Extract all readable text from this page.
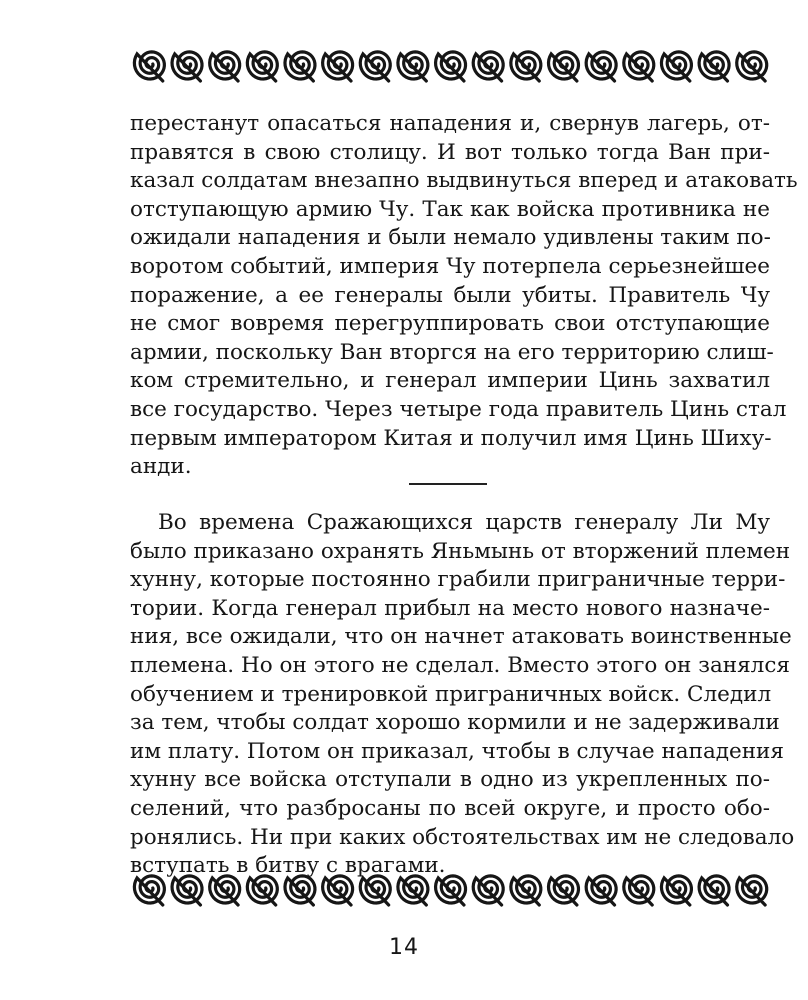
перестанут опасаться нападения и, свернув лагерь, от-
правятся в свою столицу. И вот только тогда Ван при-
казал солдатам внезапно выдвинуться вперед и атаковать
отступающую армию Чу. Так как войска противника не
ожидали нападения и были немало удивлены таким по-
воротом событий, империя Чу потерпела серьезнейшее
поражение, а ее генералы были убиты. Правитель Чу
не смог вовремя перегруппировать свои отступающие
армии, поскольку Ван вторгся на его территорию слиш-
ком стремительно, и генерал империи Цинь захватил
все государство. Через четыре года правитель Цинь стал
первым императором Китая и получил имя Цинь Шиху-
анди.
Во времена Сражающихся царств генералу Ли Му
было приказано охранять Яньмынь от вторжений племен
хунну, которые постоянно грабили приграничные терри-
тории. Когда генерал прибыл на место нового назначе-
ния, все ожидали, что он начнет атаковать воинственные
племена. Но он этого не сделал. Вместо этого он занялся
обучением и тренировкой приграничных войск. Следил
за тем, чтобы солдат хорошо кормили и не задерживали
им плату. Потом он приказал, чтобы в случае нападения
хунну все войска отступали в одно из укрепленных по-
селений, что разбросаны по всей округе, и просто обо-
ронялись. Ни при каких обстоятельствах им не следовало
вступать в битву с врагами.
14
